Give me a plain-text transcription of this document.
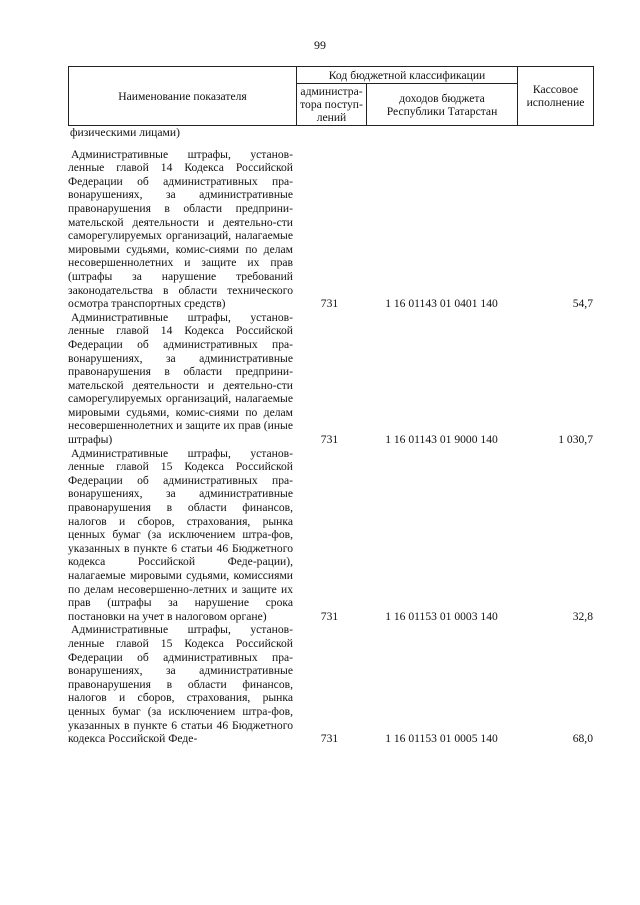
99
Наименование показателя	Код бюджетной классификации		Кассовое исполнение
	администра-тора поступ-лений	доходов бюджета Республики Татарстан	
физическими лицами)
Административные штрафы, установ-ленные главой 14 Кодекса Российской Федерации об административных пра-вонарушениях, за административные правонарушения в области предприни-мательской деятельности и деятельно-сти саморегулируемых организаций, налагаемые мировыми судьями, комис-сиями по делам несовершеннолетних и защите их прав (штрафы за нарушение требований законодательства в области технического осмотра транспортных средств)	731	1 16 01143 01 0401 140	54,7
Административные штрафы, установ-ленные главой 14 Кодекса Российской Федерации об административных пра-вонарушениях, за административные правонарушения в области предприни-мательской деятельности и деятельно-сти саморегулируемых организаций, налагаемые мировыми судьями, комис-сиями по делам несовершеннолетних и защите их прав (иные штрафы)	731	1 16 01143 01 9000 140	1 030,7
Административные штрафы, установ-ленные главой 15 Кодекса Российской Федерации об административных пра-вонарушениях, за административные правонарушения в области финансов, налогов и сборов, страхования, рынка ценных бумаг (за исключением штра-фов, указанных в пункте 6 статьи 46 Бюджетного кодекса Российской Феде-рации), налагаемые мировыми судьями, комиссиями по делам несовершенно-летних и защите их прав (штрафы за нарушение срока постановки на учет в налоговом органе)	731	1 16 01153 01 0003 140	32,8
Административные штрафы, установ-ленные главой 15 Кодекса Российской Федерации об административных пра-вонарушениях, за административные правонарушения в области финансов, налогов и сборов, страхования, рынка ценных бумаг (за исключением штра-фов, указанных в пункте 6 статьи 46 Бюджетного кодекса Российской Феде-	731	1 16 01153 01 0005 140	68,0
